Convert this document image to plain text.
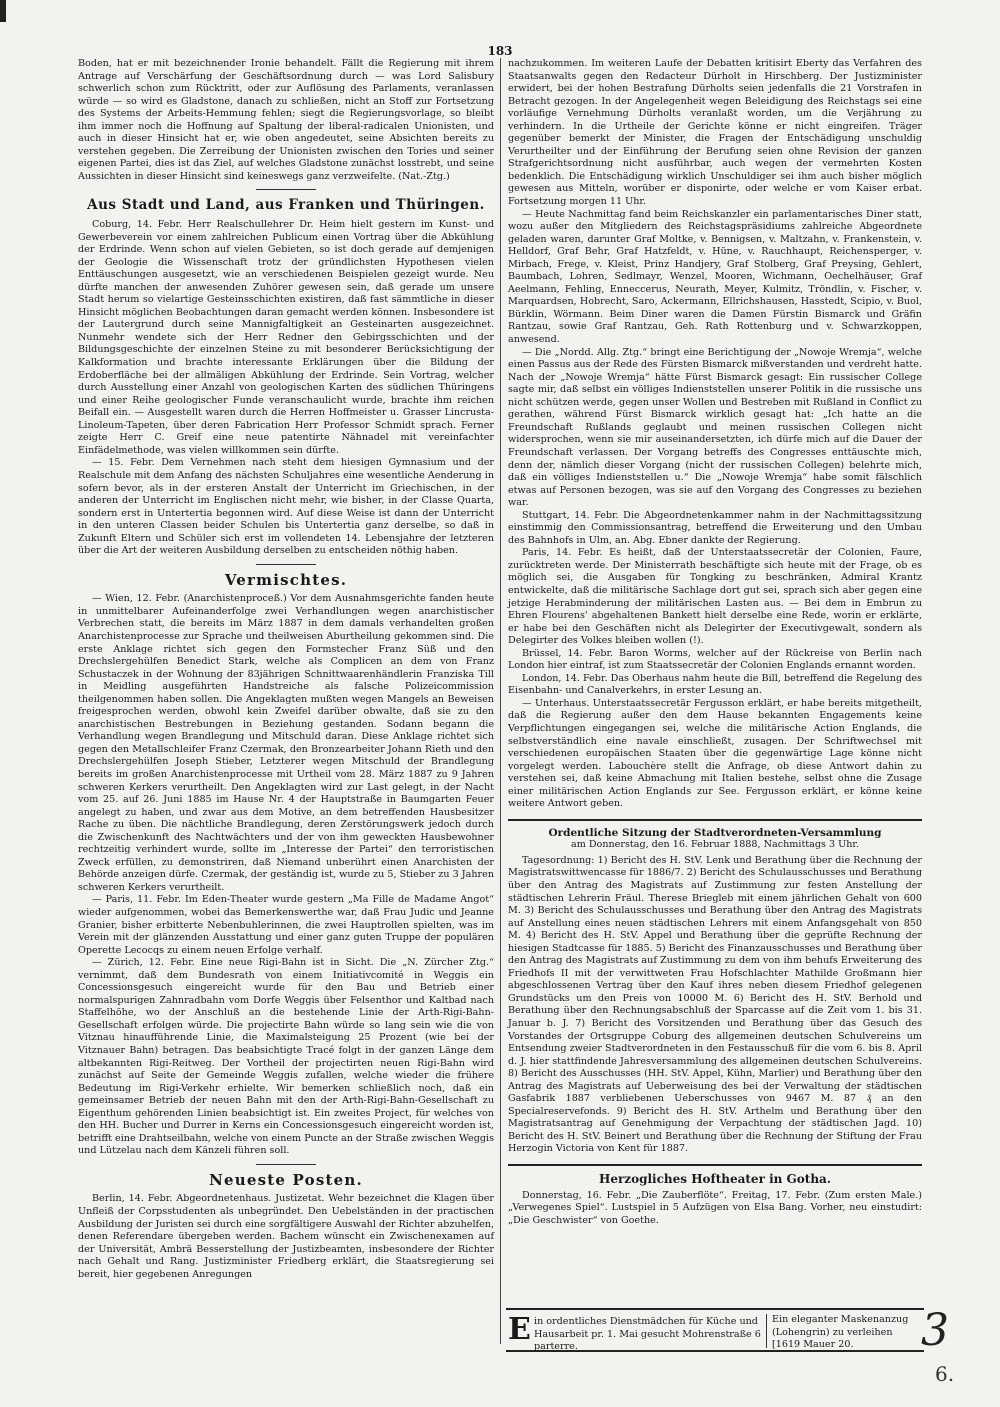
183

Boden, hat er mit bezeichnender Ironie behandelt. Fällt die Regierung mit ihrem Antrage auf Verschärfung der Geschäftsordnung durch — was Lord Salisbury schwerlich schon zum Rücktritt, oder zur Auflösung des Parlaments, veranlassen würde — so wird es Gladstone, danach zu schließen, nicht an Stoff zur Fortsetzung des Systems der Arbeits-Hemmung fehlen; siegt die Regierungsvorlage, so bleibt ihm immer noch die Hoffnung auf Spaltung der liberal-radicalen Unionisten, und auch in dieser Hinsicht hat er, wie oben angedeutet, seine Absichten bereits zu verstehen gegeben. Die Zerreibung der Unionisten zwischen den Tories und seiner eigenen Partei, dies ist das Ziel, auf welches Gladstone zunächst losstrebt, und seine Aussichten in dieser Hinsicht sind keineswegs ganz verzweifelte. (Nat.-Ztg.)

Aus Stadt und Land, aus Franken und Thüringen.

Coburg, 14. Febr. Herr Realschullehrer Dr. Heim hielt gestern im Kunst- und Gewerbeverein vor einem zahlreichen Publicum einen Vortrag über die Abkühlung der Erdrinde. Wenn schon auf vielen Gebieten, so ist doch gerade auf demjenigen der Geologie die Wissenschaft trotz der gründlichsten Hypothesen vielen Enttäuschungen ausgesetzt, wie an verschiedenen Beispielen gezeigt wurde. Neu dürfte manchen der anwesenden Zuhörer gewesen sein, daß gerade um unsere Stadt herum so vielartige Gesteinsschichten existiren, daß fast sämmtliche in dieser Hinsicht möglichen Beobachtungen daran gemacht werden können. Insbesondere ist der Lautergrund durch seine Mannigfaltigkeit an Gesteinarten ausgezeichnet. Nunmehr wendete sich der Herr Redner den Gebirgsschichten und der Bildungsgeschichte der einzelnen Steine zu mit besonderer Berücksichtigung der Kalkformation und brachte interessante Erklärungen über die Bildung der Erdoberfläche bei der allmäligen Abkühlung der Erdrinde. Sein Vortrag, welcher durch Ausstellung einer Anzahl von geologischen Karten des südlichen Thüringens und einer Reihe geologischer Funde veranschaulicht wurde, brachte ihm reichen Beifall ein. — Ausgestellt waren durch die Herren Hoffmeister u. Grasser Lincrusta-Linoleum-Tapeten, über deren Fabrication Herr Professor Schmidt sprach. Ferner zeigte Herr C. Greif eine neue patentirte Nähnadel mit vereinfachter Einfädelmethode, was vielen willkommen sein dürfte.

— 15. Febr. Dem Vernehmen nach steht dem hiesigen Gymnasium und der Realschule mit dem Anfang des nächsten Schuljahres eine wesentliche Aenderung in sofern bevor, als in der ersteren Anstalt der Unterricht im Griechischen, in der anderen der Unterricht im Englischen nicht mehr, wie bisher, in der Classe Quarta, sondern erst in Untertertia begonnen wird. Auf diese Weise ist dann der Unterricht in den unteren Classen beider Schulen bis Untertertia ganz derselbe, so daß in Zukunft Eltern und Schüler sich erst im vollendeten 14. Lebensjahre der letzteren über die Art der weiteren Ausbildung derselben zu entscheiden nöthig haben.

Vermischtes.

— Wien, 12. Febr. (Anarchistenproceß.) Vor dem Ausnahmsgerichte fanden heute in unmittelbarer Aufeinanderfolge zwei Verhandlungen wegen anarchistischer Verbrechen statt, die bereits im März 1887 in dem damals verhandelten großen Anarchistenprocesse zur Sprache und theilweisen Aburtheilung gekommen sind. Die erste Anklage richtet sich gegen den Formstecher Franz Süß und den Drechslergehülfen Benedict Stark, welche als Complicen an dem von Franz Schustaczek in der Wohnung der 83jährigen Schnittwaarenhändlerin Franziska Till in Meidling ausgeführten Handstreiche als falsche Polizeicommission theilgenommen haben sollen. Die Angeklagten mußten wegen Mangels an Beweisen freigesprochen werden, obwohl kein Zweifel darüber obwalte, daß sie zu den anarchistischen Bestrebungen in Beziehung gestanden. Sodann begann die Verhandlung wegen Brandlegung und Mitschuld daran. Diese Anklage richtet sich gegen den Metallschleifer Franz Czermak, den Bronzearbeiter Johann Rieth und den Drechslergehülfen Joseph Stieber, Letzterer wegen Mitschuld der Brandlegung bereits im großen Anarchistenprocesse mit Urtheil vom 28. März 1887 zu 9 Jahren schweren Kerkers verurtheilt. Den Angeklagten wird zur Last gelegt, in der Nacht vom 25. auf 26. Juni 1885 im Hause Nr. 4 der Hauptstraße in Baumgarten Feuer angelegt zu haben, und zwar aus dem Motive, an dem betreffenden Hausbesitzer Rache zu üben. Die nächtliche Brandlegung, deren Zerstörungswerk jedoch durch die Zwischenkunft des Nachtwächters und der von ihm geweckten Hausbewohner rechtzeitig verhindert wurde, sollte im „Interesse der Partei“ den terroristischen Zweck erfüllen, zu demonstriren, daß Niemand unberührt einen Anarchisten der Behörde anzeigen dürfe. Czermak, der geständig ist, wurde zu 5, Stieber zu 3 Jahren schweren Kerkers verurtheilt.

— Paris, 11. Febr. Im Eden-Theater wurde gestern „Ma Fille de Madame Angot“ wieder aufgenommen, wobei das Bemerkenswerthe war, daß Frau Judic und Jeanne Granier, bisher erbitterte Nebenbuhlerinnen, die zwei Hauptrollen spielten, was im Verein mit der glänzenden Ausstattung und einer ganz guten Truppe der populären Operette Lecocqs zu einem neuen Erfolge verhalf.

— Zürich, 12. Febr. Eine neue Rigi-Bahn ist in Sicht. Die „N. Zürcher Ztg.“ vernimmt, daß dem Bundesrath von einem Initiativcomité in Weggis ein Concessionsgesuch eingereicht wurde für den Bau und Betrieb einer normalspurigen Zahnradbahn vom Dorfe Weggis über Felsenthor und Kaltbad nach Staffelhöhe, wo der Anschluß an die bestehende Linie der Arth-Rigi-Bahn-Gesellschaft erfolgen würde. Die projectirte Bahn würde so lang sein wie die von Vitznau hinaufführende Linie, die Maximalsteigung 25 Prozent (wie bei der Vitznauer Bahn) betragen. Das beabsichtigte Tracé folgt in der ganzen Länge dem altbekannten Rigi-Reitweg. Der Vortheil der projectirten neuen Rigi-Bahn wird zunächst auf Seite der Gemeinde Weggis zufallen, welche wieder die frühere Bedeutung im Rigi-Verkehr erhielte. Wir bemerken schließlich noch, daß ein gemeinsamer Betrieb der neuen Bahn mit den der Arth-Rigi-Bahn-Gesellschaft zu Eigenthum gehörenden Linien beabsichtigt ist. Ein zweites Project, für welches von den HH. Bucher und Durrer in Kerns ein Concessionsgesuch eingereicht worden ist, betrifft eine Drahtseilbahn, welche von einem Puncte an der Straße zwischen Weggis und Lützelau nach dem Känzeli führen soll.

Neueste Posten.

Berlin, 14. Febr. Abgeordnetenhaus. Justizetat. Wehr bezeichnet die Klagen über Unfleiß der Corpsstudenten als unbegründet. Den Uebelständen in der practischen Ausbildung der Juristen sei durch eine sorgfältigere Auswahl der Richter abzuhelfen, denen Referendare übergeben werden. Bachem wünscht ein Zwischenexamen auf der Universität, Ambrä Besserstellung der Justizbeamten, insbesondere der Richter nach Gehalt und Rang. Justizminister Friedberg erklärt, die Staatsregierung sei bereit, hier gegebenen Anregungen

nachzukommen. Im weiteren Laufe der Debatten kritisirt Eberty das Verfahren des Staatsanwalts gegen den Redacteur Dürholt in Hirschberg. Der Justizminister erwidert, bei der hohen Bestrafung Dürholts seien jedenfalls die 21 Vorstrafen in Betracht gezogen. In der Angelegenheit wegen Beleidigung des Reichstags sei eine vorläufige Vernehmung Dürholts veranlaßt worden, um die Verjährung zu verhindern. In die Urtheile der Gerichte könne er nicht eingreifen. Träger gegenüber bemerkt der Minister, die Fragen der Entschädigung unschuldig Verurtheilter und der Einführung der Berufung seien ohne Revision der ganzen Strafgerichtsordnung nicht ausführbar, auch wegen der vermehrten Kosten bedenklich. Die Entschädigung wirklich Unschuldiger sei ihm auch bisher möglich gewesen aus Mitteln, worüber er disponirte, oder welche er vom Kaiser erbat. Fortsetzung morgen 11 Uhr.

— Heute Nachmittag fand beim Reichskanzler ein parlamentarisches Diner statt, wozu außer den Mitgliedern des Reichstagspräsidiums zahlreiche Abgeordnete geladen waren, darunter Graf Moltke, v. Bennigsen, v. Maltzahn, v. Frankenstein, v. Helldorf, Graf Behr, Graf Hatzfeldt, v. Hüne, v. Rauchhaupt, Reichensperger, v. Mirbach, Frege, v. Kleist, Prinz Handjery, Graf Stolberg, Graf Preysing, Gehlert, Baumbach, Lohren, Sedlmayr, Wenzel, Mooren, Wichmann, Oechelhäuser, Graf Aeelmann, Fehling, Enneccerus, Neurath, Meyer, Kulmitz, Tröndlin, v. Fischer, v. Marquardsen, Hobrecht, Saro, Ackermann, Ellrichshausen, Hasstedt, Scipio, v. Buol, Bürklin, Wörmann. Beim Diner waren die Damen Fürstin Bismarck und Gräfin Rantzau, sowie Graf Rantzau, Geh. Rath Rottenburg und v. Schwarzkoppen, anwesend.

— Die „Nordd. Allg. Ztg.“ bringt eine Berichtigung der „Nowoje Wremja“, welche einen Passus aus der Rede des Fürsten Bismarck mißverstanden und verdreht hatte. Nach der „Nowoje Wremja“ hätte Fürst Bismarck gesagt: Ein russischer College sagte mir, daß selbst ein völliges Indienststellen unserer Politik in die russische uns nicht schützen werde, gegen unser Wollen und Bestreben mit Rußland in Conflict zu gerathen, während Fürst Bismarck wirklich gesagt hat: „Ich hatte an die Freundschaft Rußlands geglaubt und meinen russischen Collegen nicht widersprochen, wenn sie mir auseinandersetzten, ich dürfe mich auf die Dauer der Freundschaft verlassen. Der Vorgang betreffs des Congresses enttäuschte mich, denn der, nämlich dieser Vorgang (nicht der russischen Collegen) belehrte mich, daß ein völliges Indienststellen u.“ Die „Nowoje Wremja“ habe somit fälschlich etwas auf Personen bezogen, was sie auf den Vorgang des Congresses zu beziehen war.

Stuttgart, 14. Febr. Die Abgeordnetenkammer nahm in der Nachmittagssitzung einstimmig den Commissionsantrag, betreffend die Erweiterung und den Umbau des Bahnhofs in Ulm, an. Abg. Ebner dankte der Regierung.

Paris, 14. Febr. Es heißt, daß der Unterstaatssecretär der Colonien, Faure, zurücktreten werde. Der Ministerrath beschäftigte sich heute mit der Frage, ob es möglich sei, die Ausgaben für Tongking zu beschränken, Admiral Krantz entwickelte, daß die militärische Sachlage dort gut sei, sprach sich aber gegen eine jetzige Herabminderung der militärischen Lasten aus. — Bei dem in Embrun zu Ehren Flourens' abgehaltenen Bankett hielt derselbe eine Rede, worin er erklärte, er habe bei den Geschäften nicht als Delegirter der Executivgewalt, sondern als Delegirter des Volkes bleiben wollen (!).

Brüssel, 14. Febr. Baron Worms, welcher auf der Rückreise von Berlin nach London hier eintraf, ist zum Staatssecretär der Colonien Englands ernannt worden.

London, 14. Febr. Das Oberhaus nahm heute die Bill, betreffend die Regelung des Eisenbahn- und Canalverkehrs, in erster Lesung an.

— Unterhaus. Unterstaatssecretär Fergusson erklärt, er habe bereits mitgetheilt, daß die Regierung außer den dem Hause bekannten Engagements keine Verpflichtungen eingegangen sei, welche die militärische Action Englands, die selbstverständlich eine navale einschließt, zusagen. Der Schriftwechsel mit verschiedenen europäischen Staaten über die gegenwärtige Lage könne nicht vorgelegt werden. Labouchère stellt die Anfrage, ob diese Antwort dahin zu verstehen sei, daß keine Abmachung mit Italien bestehe, selbst ohne die Zusage einer militärischen Action Englands zur See. Fergusson erklärt, er könne keine weitere Antwort geben.

Ordentliche Sitzung der Stadtverordneten-Versammlung
am Donnerstag, den 16. Februar 1888, Nachmittags 3 Uhr.

Tagesordnung: 1) Bericht des H. StV. Lenk und Berathung über die Rechnung der Magistratswittwencasse für 1886/7. 2) Bericht des Schulausschusses und Berathung über den Antrag des Magistrats auf Zustimmung zur festen Anstellung der städtischen Lehrerin Fräul. Therese Briegleb mit einem jährlichen Gehalt von 600 M. 3) Bericht des Schulausschusses und Berathung über den Antrag des Magistrats auf Anstellung eines neuen städtischen Lehrers mit einem Anfangsgehalt von 850 M. 4) Bericht des H. StV. Appel und Berathung über die geprüfte Rechnung der hiesigen Stadtcasse für 1885. 5) Bericht des Finanzausschusses und Berathung über den Antrag des Magistrats auf Zustimmung zu dem von ihm behufs Erweiterung des Friedhofs II mit der verwittweten Frau Hofschlachter Mathilde Großmann hier abgeschlossenen Vertrag über den Kauf ihres neben diesem Friedhof gelegenen Grundstücks um den Preis von 10000 M. 6) Bericht des H. StV. Berhold und Berathung über den Rechnungsabschluß der Sparcasse auf die Zeit vom 1. bis 31. Januar b. J. 7) Bericht des Vorsitzenden und Berathung über das Gesuch des Vorstandes der Ortsgruppe Coburg des allgemeinen deutschen Schulvereins um Entsendung zweier Stadtverordneten in den Festausschuß für die vom 6. bis 8. April d. J. hier stattfindende Jahresversammlung des allgemeinen deutschen Schulvereins. 8) Bericht des Ausschusses (HH. StV. Appel, Kühn, Marlier) und Berathung über den Antrag des Magistrats auf Ueberweisung des bei der Verwaltung der städtischen Gasfabrik 1887 verbliebenen Ueberschusses von 9467 M. 87 ₰ an den Specialreservefonds. 9) Bericht des H. StV. Arthelm und Berathung über den Magistratsantrag auf Genehmigung der Verpachtung der städtischen Jagd. 10) Bericht des H. StV. Beinert und Berathung über die Rechnung der Stiftung der Frau Herzogin Victoria von Kent für 1887.

Herzogliches Hoftheater in Gotha.

Donnerstag, 16. Febr. „Die Zauberflöte“. Freitag, 17. Febr. (Zum ersten Male.) „Verwegenes Spiel“. Lustspiel in 5 Aufzügen von Elsa Bang. Vorher, neu einstudirt: „Die Geschwister“ von Goethe.

E in ordentliches Dienstmädchen für Küche und Hausarbeit pr. 1. Mai gesucht Mohrenstraße 6 parterre.
Ein eleganter Maskenanzug (Lohengrin) zu verleihen [1619 Mauer 20.	3
6.
